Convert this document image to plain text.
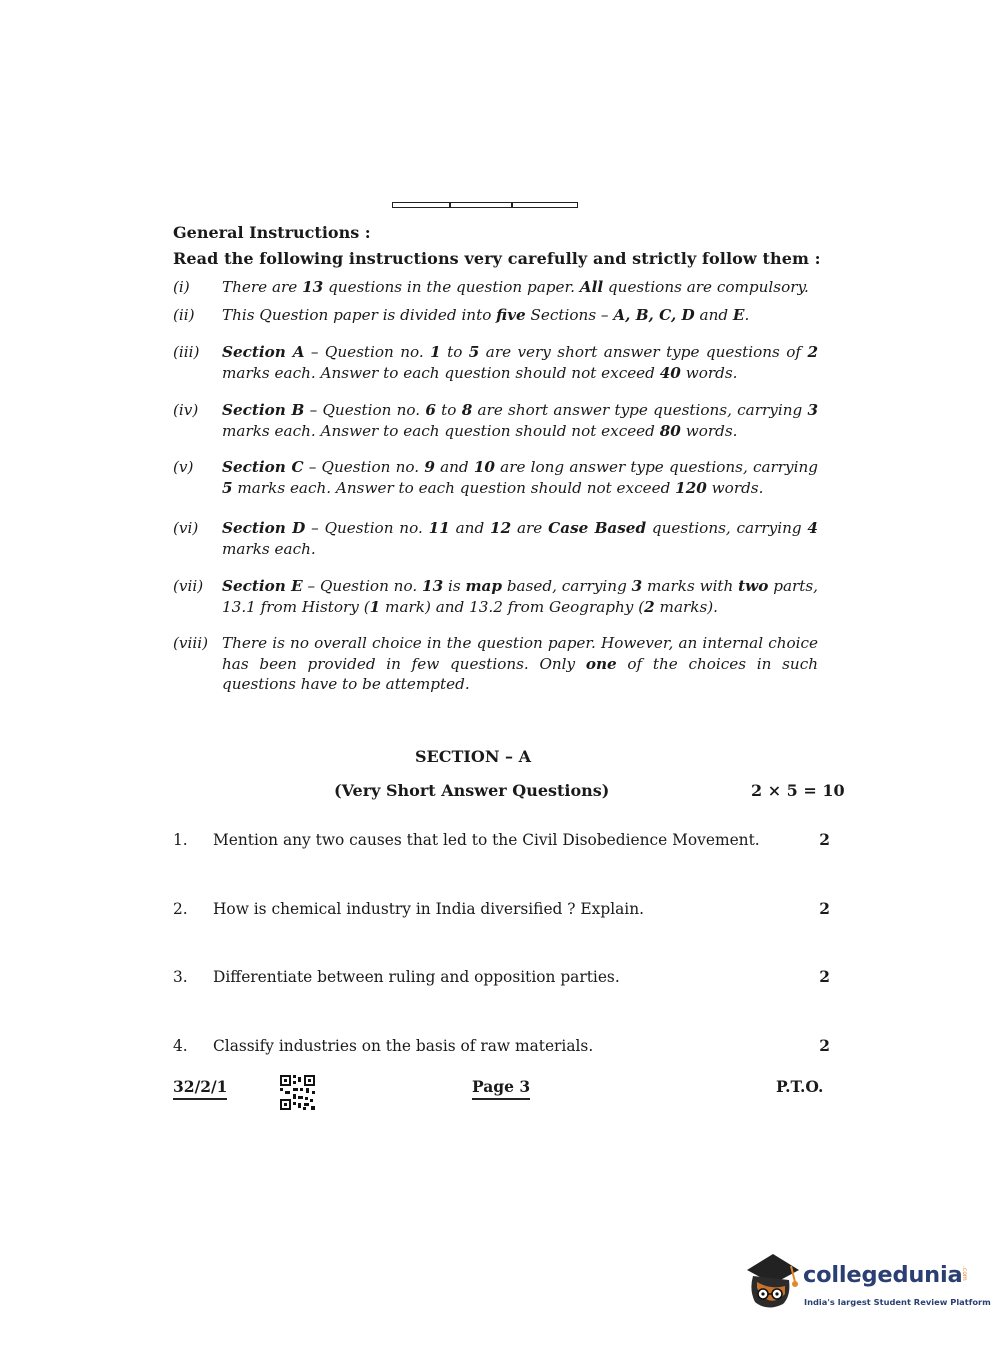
General Instructions :
Read the following instructions very carefully and strictly follow them :
(i)	There are 13 questions in the question paper. All questions are compulsory.
(ii)	This Question paper is divided into five Sections – A, B, C, D and E.
(iii)	Section A – Question no. 1 to 5 are very short answer type questions of 2 marks each. Answer to each question should not exceed 40 words.
(iv)	Section B – Question no. 6 to 8 are short answer type questions, carrying 3 marks each. Answer to each question should not exceed 80 words.
(v)	Section C – Question no. 9 and 10 are long answer type questions, carrying 5 marks each. Answer to each question should not exceed 120 words.
(vi)	Section D – Question no. 11 and 12 are Case Based questions, carrying 4 marks each.
(vii)	Section E – Question no. 13 is map based, carrying 3 marks with two parts, 13.1 from History (1 mark) and 13.2 from Geography (2 marks).
(viii) There is no overall choice in the question paper. However, an internal choice has been provided in few questions. Only one of the choices in such questions have to be attempted.
SECTION – A
(Very Short Answer Questions)	2 × 5 = 10
1. Mention any two causes that led to the Civil Disobedience Movement.	2
2. How is chemical industry in India diversified ? Explain.	2
3. Differentiate between ruling and opposition parties.	2
4. Classify industries on the basis of raw materials.	2
32/2/1	Page 3	P.T.O.
collegedunia
.com
India's largest Student Review Platform
